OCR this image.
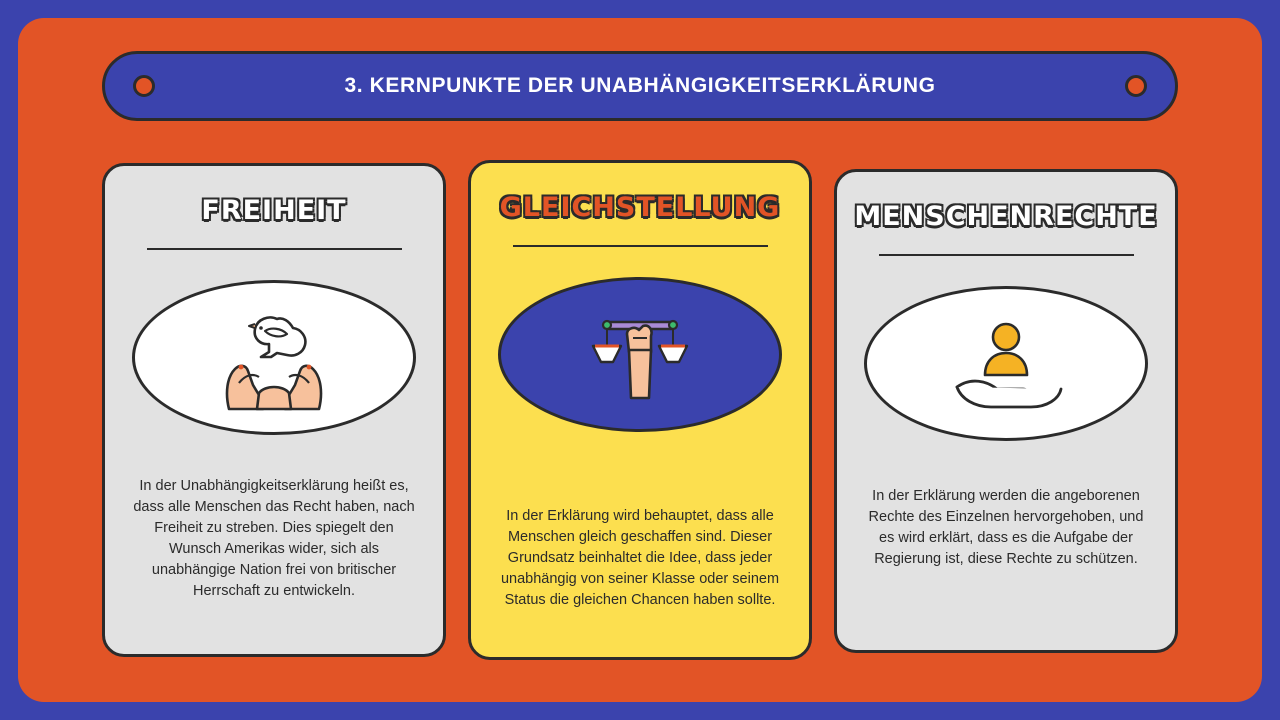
3. KERNPUNKTE DER UNABHÄNGIGKEITSERKLÄRUNG
FREIHEIT
In der Unabhängigkeitserklärung heißt es, dass alle Menschen das Recht haben, nach Freiheit zu streben. Dies spiegelt den Wunsch Amerikas wider, sich als unabhängige Nation frei von britischer Herrschaft zu entwickeln.
GLEICHSTELLUNG
In der Erklärung wird behauptet, dass alle Menschen gleich geschaffen sind. Dieser Grundsatz beinhaltet die Idee, dass jeder unabhängig von seiner Klasse oder seinem Status die gleichen Chancen haben sollte.
MENSCHENRECHTE
In der Erklärung werden die angeborenen Rechte des Einzelnen hervorgehoben, und es wird erklärt, dass es die Aufgabe der Regierung ist, diese Rechte zu schützen.
